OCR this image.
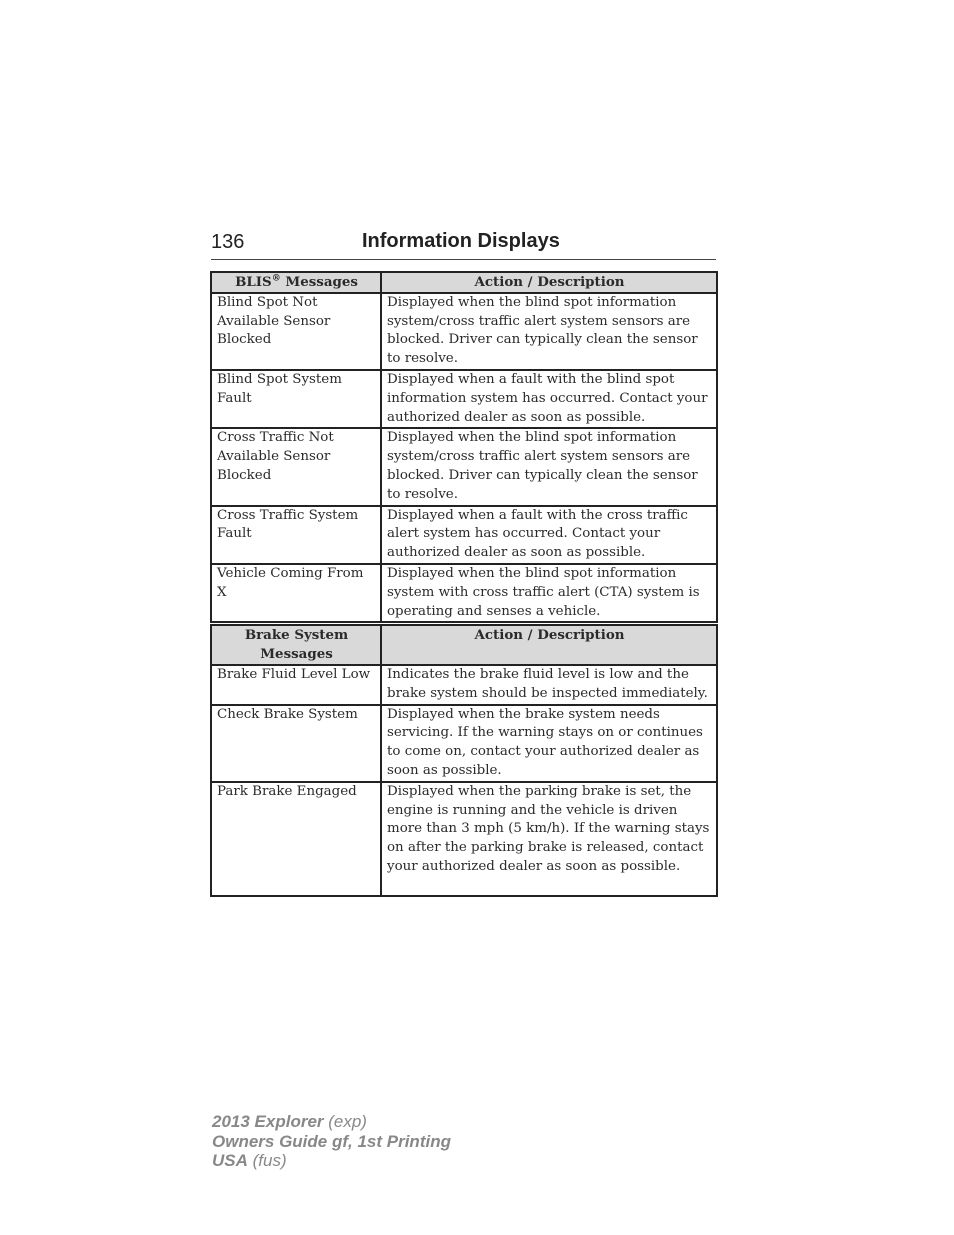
136	Information Displays
BLIS® Messages	Action / Description
Blind Spot Not Available Sensor Blocked	Displayed when the blind spot information system/cross traffic alert system sensors are blocked. Driver can typically clean the sensor to resolve.
Blind Spot System Fault	Displayed when a fault with the blind spot information system has occurred. Contact your authorized dealer as soon as possible.
Cross Traffic Not Available Sensor Blocked	Displayed when the blind spot information system/cross traffic alert system sensors are blocked. Driver can typically clean the sensor to resolve.
Cross Traffic System Fault	Displayed when a fault with the cross traffic alert system has occurred. Contact your authorized dealer as soon as possible.
Vehicle Coming From X	Displayed when the blind spot information system with cross traffic alert (CTA) system is operating and senses a vehicle.
Brake System Messages	Action / Description
Brake Fluid Level Low	Indicates the brake fluid level is low and the brake system should be inspected immediately.
Check Brake System	Displayed when the brake system needs servicing. If the warning stays on or continues to come on, contact your authorized dealer as soon as possible.
Park Brake Engaged	Displayed when the parking brake is set, the engine is running and the vehicle is driven more than 3 mph (5 km/h). If the warning stays on after the parking brake is released, contact your authorized dealer as soon as possible.
2013 Explorer (exp)
Owners Guide gf, 1st Printing
USA (fus)
